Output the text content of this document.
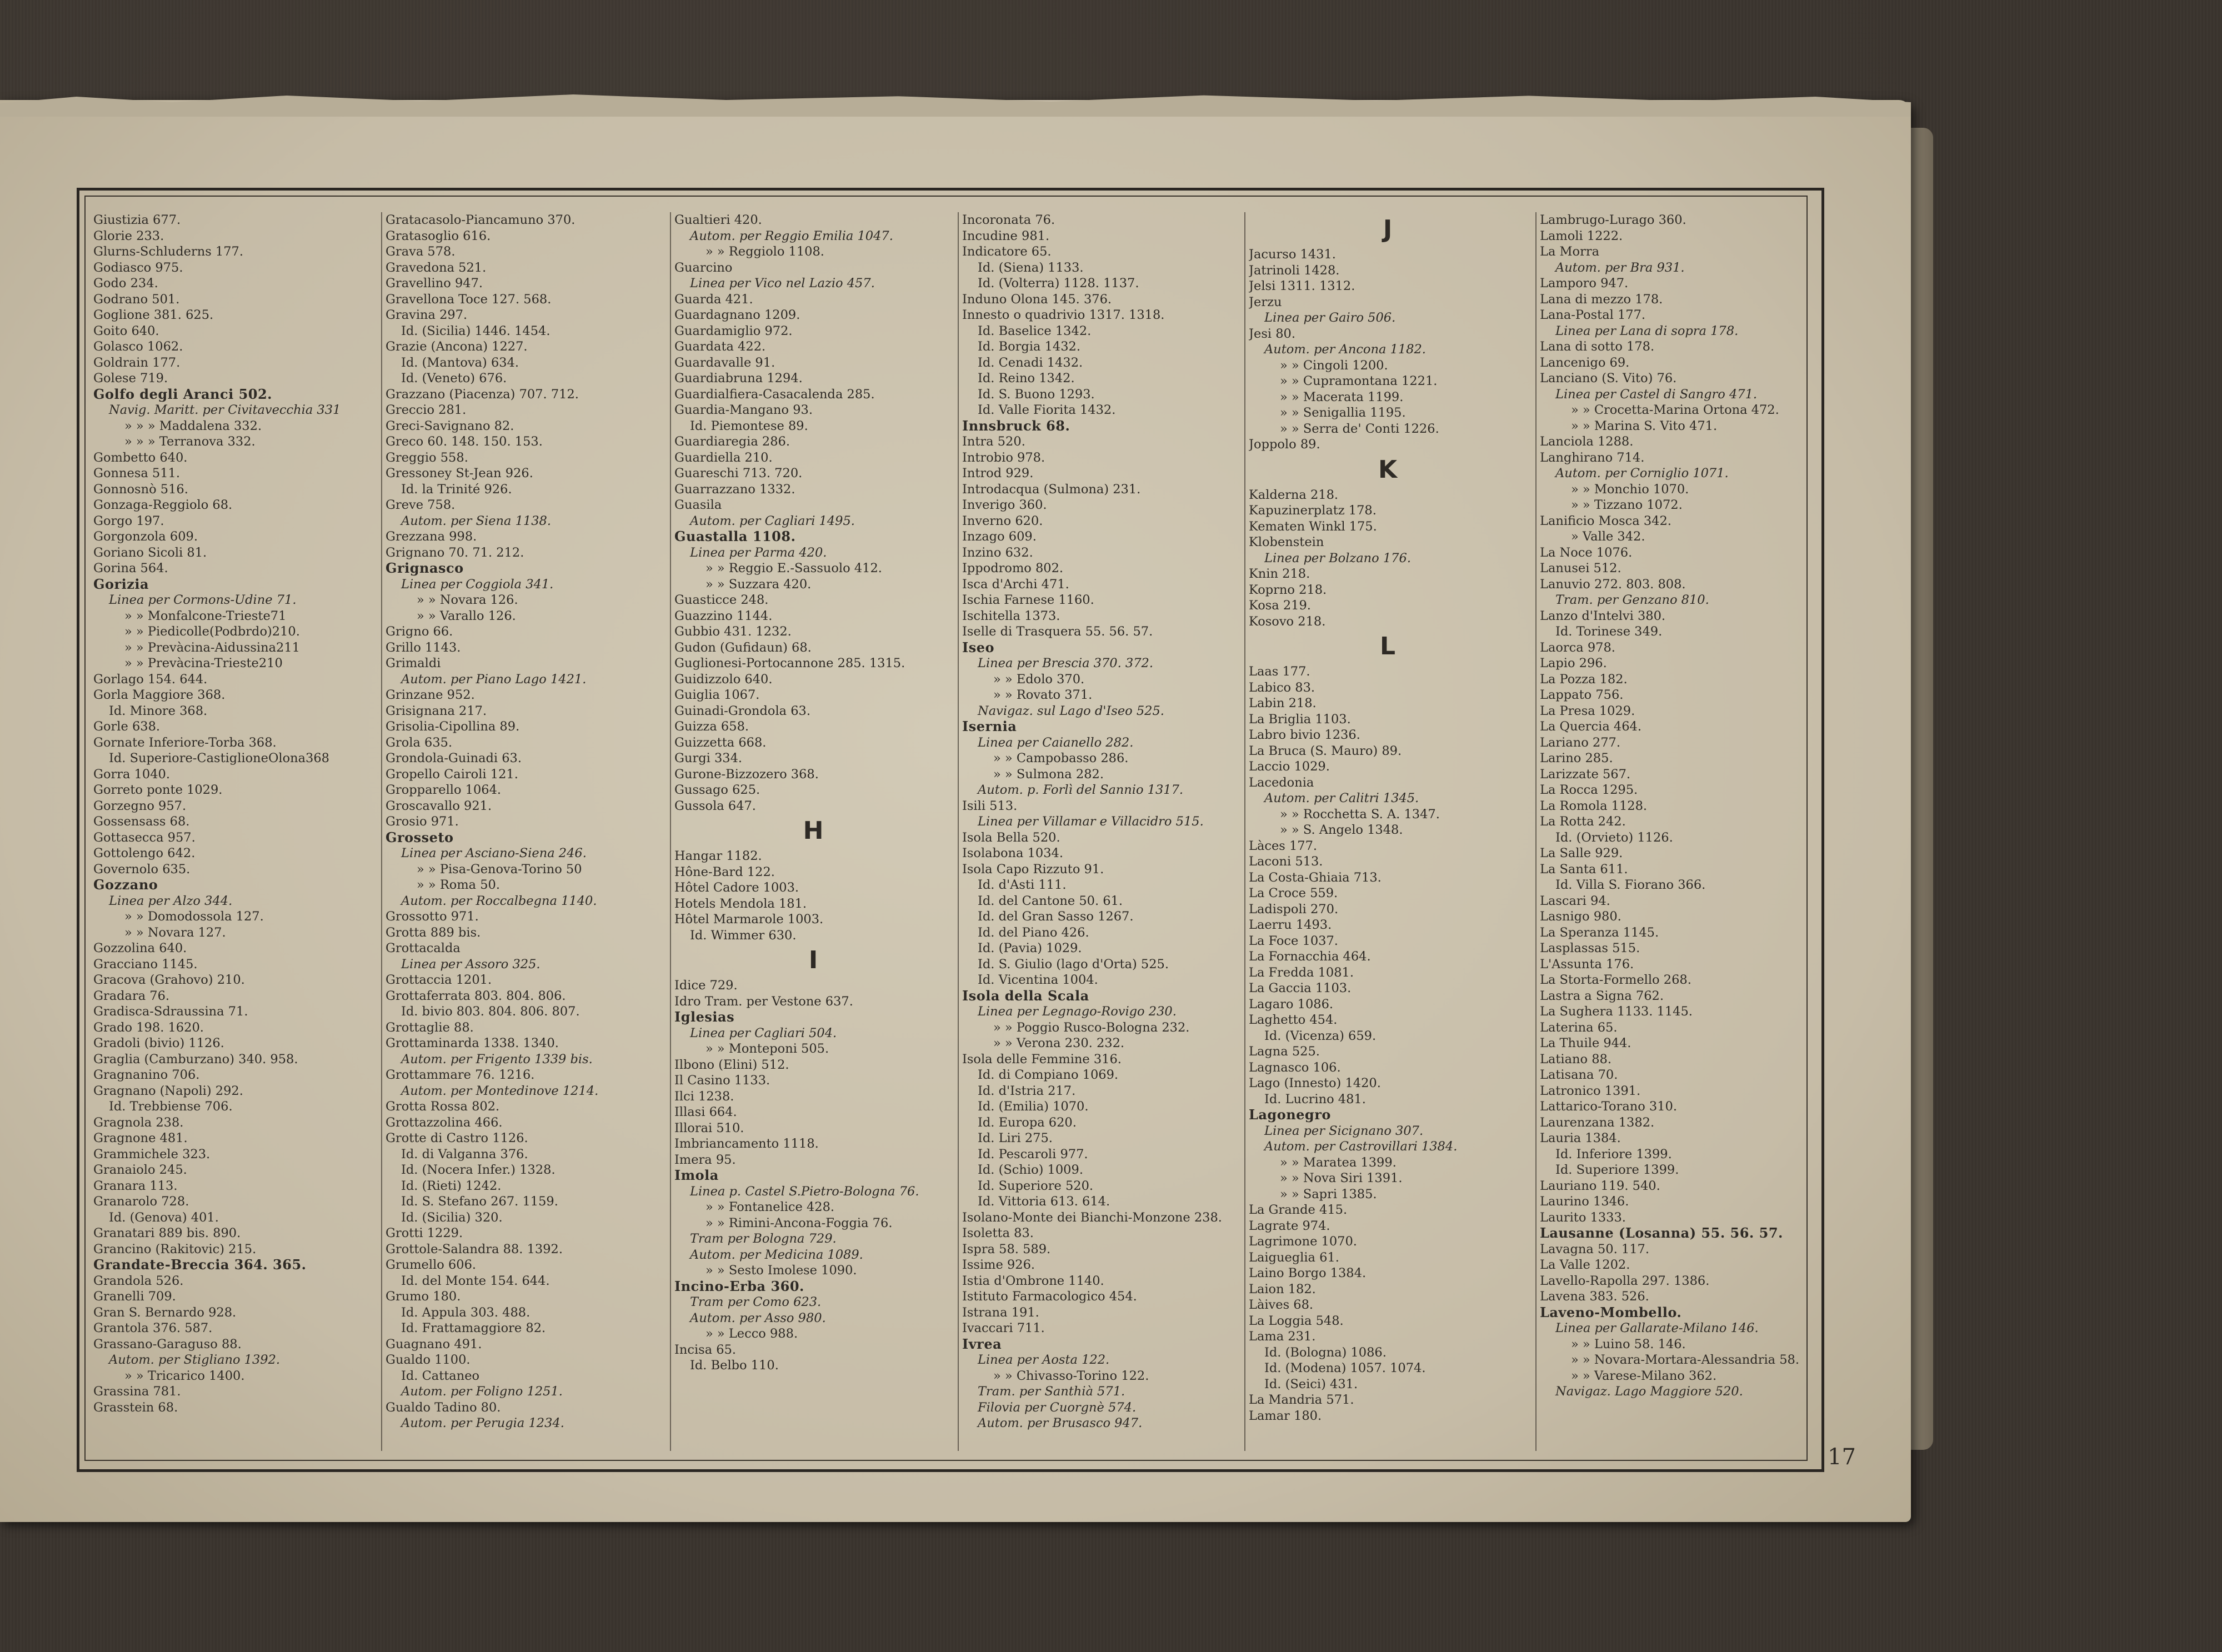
Giustizia 677.
Glorie 233.
Glurns-Schluderns 177.
Godiasco 975.
Godo 234.
Godrano 501.
Goglione 381. 625.
Goito 640.
Golasco 1062.
Goldrain 177.
Golese 719.
Golfo degli Aranci 502.
Navig. Maritt. per Civitavecchia 331
» » » Maddalena 332.
» » » Terranova 332.
Gombetto 640.
Gonnesa 511.
Gonnosnò 516.
Gonzaga-Reggiolo 68.
Gorgo 197.
Gorgonzola 609.
Goriano Sicoli 81.
Gorina 564.
Gorizia
Linea per Cormons-Udine 71.
» » Monfalcone-Trieste71
» » Piedicolle(Podbrdo)210.
» » Prevàcina-Aidussina211
» » Prevàcina-Trieste210
Gorlago 154. 644.
Gorla Maggiore 368.
Id. Minore 368.
Gorle 638.
Gornate Inferiore-Torba 368.
Id. Superiore-CastiglioneOlona368
Gorra 1040.
Gorreto ponte 1029.
Gorzegno 957.
Gossensass 68.
Gottasecca 957.
Gottolengo 642.
Governolo 635.
Gozzano
Linea per Alzo 344.
» » Domodossola 127.
» » Novara 127.
Gozzolina 640.
Gracciano 1145.
Gracova (Grahovo) 210.
Gradara 76.
Gradisca-Sdraussina 71.
Grado 198. 1620.
Gradoli (bivio) 1126.
Graglia (Camburzano) 340. 958.
Gragnanino 706.
Gragnano (Napoli) 292.
Id. Trebbiense 706.
Gragnola 238.
Gragnone 481.
Grammichele 323.
Granaiolo 245.
Granara 113.
Granarolo 728.
Id. (Genova) 401.
Granatari 889 bis. 890.
Grancino (Rakitovic) 215.
Grandate-Breccia 364. 365.
Grandola 526.
Granelli 709.
Gran S. Bernardo 928.
Grantola 376. 587.
Grassano-Garaguso 88.
Autom. per Stigliano 1392.
» » Tricarico 1400.
Grassina 781.
Grasstein 68.
Gratacasolo-Piancamuno 370.
Gratasoglio 616.
Grava 578.
Gravedona 521.
Gravellino 947.
Gravellona Toce 127. 568.
Gravina 297.
Id. (Sicilia) 1446. 1454.
Grazie (Ancona) 1227.
Id. (Mantova) 634.
Id. (Veneto) 676.
Grazzano (Piacenza) 707. 712.
Greccio 281.
Greci-Savignano 82.
Greco 60. 148. 150. 153.
Greggio 558.
Gressoney St-Jean 926.
Id. la Trinité 926.
Greve 758.
Autom. per Siena 1138.
Grezzana 998.
Grignano 70. 71. 212.
Grignasco
Linea per Coggiola 341.
» » Novara 126.
» » Varallo 126.
Grigno 66.
Grillo 1143.
Grimaldi
Autom. per Piano Lago 1421.
Grinzane 952.
Grisignana 217.
Grisolia-Cipollina 89.
Grola 635.
Grondola-Guinadi 63.
Gropello Cairoli 121.
Gropparello 1064.
Groscavallo 921.
Grosio 971.
Grosseto
Linea per Asciano-Siena 246.
» » Pisa-Genova-Torino 50
» » Roma 50.
Autom. per Roccalbegna 1140.
Grossotto 971.
Grotta 889 bis.
Grottacalda
Linea per Assoro 325.
Grottaccia 1201.
Grottaferrata 803. 804. 806.
Id. bivio 803. 804. 806. 807.
Grottaglie 88.
Grottaminarda 1338. 1340.
Autom. per Frigento 1339 bis.
Grottammare 76. 1216.
Autom. per Montedinove 1214.
Grotta Rossa 802.
Grottazzolina 466.
Grotte di Castro 1126.
Id. di Valganna 376.
Id. (Nocera Infer.) 1328.
Id. (Rieti) 1242.
Id. S. Stefano 267. 1159.
Id. (Sicilia) 320.
Grotti 1229.
Grottole-Salandra 88. 1392.
Grumello 606.
Id. del Monte 154. 644.
Grumo 180.
Id. Appula 303. 488.
Id. Frattamaggiore 82.
Guagnano 491.
Gualdo 1100.
Id. Cattaneo
Autom. per Foligno 1251.
Gualdo Tadino 80.
Autom. per Perugia 1234.
Gualtieri 420.
Autom. per Reggio Emilia 1047.
» » Reggiolo 1108.
Guarcino
Linea per Vico nel Lazio 457.
Guarda 421.
Guardagnano 1209.
Guardamiglio 972.
Guardata 422.
Guardavalle 91.
Guardiabruna 1294.
Guardialfiera-Casacalenda 285.
Guardia-Mangano 93.
Id. Piemontese 89.
Guardiaregia 286.
Guardiella 210.
Guareschi 713. 720.
Guarrazzano 1332.
Guasila
Autom. per Cagliari 1495.
Guastalla 1108.
Linea per Parma 420.
» » Reggio E.-Sassuolo 412.
» » Suzzara 420.
Guasticce 248.
Guazzino 1144.
Gubbio 431. 1232.
Gudon (Gufidaun) 68.
Guglionesi-Portocannone 285. 1315.
Guidizzolo 640.
Guiglia 1067.
Guinadi-Grondola 63.
Guizza 658.
Guizzetta 668.
Gurgi 334.
Gurone-Bizzozero 368.
Gussago 625.
Gussola 647.
H
Hangar 1182.
Hône-Bard 122.
Hôtel Cadore 1003.
Hotels Mendola 181.
Hôtel Marmarole 1003.
Id. Wimmer 630.
I
Idice 729.
Idro Tram. per Vestone 637.
Iglesias
Linea per Cagliari 504.
» » Monteponi 505.
Ilbono (Elini) 512.
Il Casino 1133.
Ilci 1238.
Illasi 664.
Illorai 510.
Imbriancamento 1118.
Imera 95.
Imola
Linea p. Castel S.Pietro-Bologna 76.
» » Fontanelice 428.
» » Rimini-Ancona-Foggia 76.
Tram per Bologna 729.
Autom. per Medicina 1089.
» » Sesto Imolese 1090.
Incino-Erba 360.
Tram per Como 623.
Autom. per Asso 980.
» » Lecco 988.
Incisa 65.
Id. Belbo 110.
Incoronata 76.
Incudine 981.
Indicatore 65.
Id. (Siena) 1133.
Id. (Volterra) 1128. 1137.
Induno Olona 145. 376.
Innesto o quadrivio 1317. 1318.
Id. Baselice 1342.
Id. Borgia 1432.
Id. Cenadi 1432.
Id. Reino 1342.
Id. S. Buono 1293.
Id. Valle Fiorita 1432.
Innsbruck 68.
Intra 520.
Introbio 978.
Introd 929.
Introdacqua (Sulmona) 231.
Inverigo 360.
Inverno 620.
Inzago 609.
Inzino 632.
Ippodromo 802.
Isca d'Archi 471.
Ischia Farnese 1160.
Ischitella 1373.
Iselle di Trasquera 55. 56. 57.
Iseo
Linea per Brescia 370. 372.
» » Edolo 370.
» » Rovato 371.
Navigaz. sul Lago d'Iseo 525.
Isernia
Linea per Caianello 282.
» » Campobasso 286.
» » Sulmona 282.
Autom. p. Forlì del Sannio 1317.
Isili 513.
Linea per Villamar e Villacidro 515.
Isola Bella 520.
Isolabona 1034.
Isola Capo Rizzuto 91.
Id. d'Asti 111.
Id. del Cantone 50. 61.
Id. del Gran Sasso 1267.
Id. del Piano 426.
Id. (Pavia) 1029.
Id. S. Giulio (lago d'Orta) 525.
Id. Vicentina 1004.
Isola della Scala
Linea per Legnago-Rovigo 230.
» » Poggio Rusco-Bologna 232.
» » Verona 230. 232.
Isola delle Femmine 316.
Id. di Compiano 1069.
Id. d'Istria 217.
Id. (Emilia) 1070.
Id. Europa 620.
Id. Liri 275.
Id. Pescaroli 977.
Id. (Schio) 1009.
Id. Superiore 520.
Id. Vittoria 613. 614.
Isolano-Monte dei Bianchi-Monzone 238.
Isoletta 83.
Ispra 58. 589.
Issime 926.
Istia d'Ombrone 1140.
Istituto Farmacologico 454.
Istrana 191.
Ivaccari 711.
Ivrea
Linea per Aosta 122.
» » Chivasso-Torino 122.
Tram. per Santhià 571.
Filovia per Cuorgnè 574.
Autom. per Brusasco 947.
J
Jacurso 1431.
Jatrinoli 1428.
Jelsi 1311. 1312.
Jerzu
Linea per Gairo 506.
Jesi 80.
Autom. per Ancona 1182.
» » Cingoli 1200.
» » Cupramontana 1221.
» » Macerata 1199.
» » Senigallia 1195.
» » Serra de' Conti 1226.
Joppolo 89.
K
Kalderna 218.
Kapuzinerplatz 178.
Kematen Winkl 175.
Klobenstein
Linea per Bolzano 176.
Knin 218.
Koprno 218.
Kosa 219.
Kosovo 218.
L
Laas 177.
Labico 83.
Labin 218.
La Briglia 1103.
Labro bivio 1236.
La Bruca (S. Mauro) 89.
Laccio 1029.
Lacedonia
Autom. per Calitri 1345.
» » Rocchetta S. A. 1347.
» » S. Angelo 1348.
Làces 177.
Laconi 513.
La Costa-Ghiaia 713.
La Croce 559.
Ladispoli 270.
Laerru 1493.
La Foce 1037.
La Fornacchia 464.
La Fredda 1081.
La Gaccia 1103.
Lagaro 1086.
Laghetto 454.
Id. (Vicenza) 659.
Lagna 525.
Lagnasco 106.
Lago (Innesto) 1420.
Id. Lucrino 481.
Lagonegro
Linea per Sicignano 307.
Autom. per Castrovillari 1384.
» » Maratea 1399.
» » Nova Siri 1391.
» » Sapri 1385.
La Grande 415.
Lagrate 974.
Lagrimone 1070.
Laigueglia 61.
Laino Borgo 1384.
Laion 182.
Làives 68.
La Loggia 548.
Lama 231.
Id. (Bologna) 1086.
Id. (Modena) 1057. 1074.
Id. (Seici) 431.
La Mandria 571.
Lamar 180.
Lambrugo-Lurago 360.
Lamoli 1222.
La Morra
Autom. per Bra 931.
Lamporo 947.
Lana di mezzo 178.
Lana-Postal 177.
Linea per Lana di sopra 178.
Lana di sotto 178.
Lancenigo 69.
Lanciano (S. Vito) 76.
Linea per Castel di Sangro 471.
» » Crocetta-Marina Ortona 472.
» » Marina S. Vito 471.
Lanciola 1288.
Langhirano 714.
Autom. per Corniglio 1071.
» » Monchio 1070.
» » Tizzano 1072.
Lanificio Mosca 342.
» Valle 342.
La Noce 1076.
Lanusei 512.
Lanuvio 272. 803. 808.
Tram. per Genzano 810.
Lanzo d'Intelvi 380.
Id. Torinese 349.
Laorca 978.
Lapio 296.
La Pozza 182.
Lappato 756.
La Presa 1029.
La Quercia 464.
Lariano 277.
Larino 285.
Larizzate 567.
La Rocca 1295.
La Romola 1128.
La Rotta 242.
Id. (Orvieto) 1126.
La Salle 929.
La Santa 611.
Id. Villa S. Fiorano 366.
Lascari 94.
Lasnigo 980.
La Speranza 1145.
Lasplassas 515.
L'Assunta 176.
La Storta-Formello 268.
Lastra a Signa 762.
La Sughera 1133. 1145.
Laterina 65.
La Thuile 944.
Latiano 88.
Latisana 70.
Latronico 1391.
Lattarico-Torano 310.
Laurenzana 1382.
Lauria 1384.
Id. Inferiore 1399.
Id. Superiore 1399.
Lauriano 119. 540.
Laurino 1346.
Laurito 1333.
Lausanne (Losanna) 55. 56. 57.
Lavagna 50. 117.
La Valle 1202.
Lavello-Rapolla 297. 1386.
Lavena 383. 526.
Laveno-Mombello.
Linea per Gallarate-Milano 146.
» » Luino 58. 146.
» » Novara-Mortara-Alessandria 58.
» » Varese-Milano 362.
Navigaz. Lago Maggiore 520.
17
